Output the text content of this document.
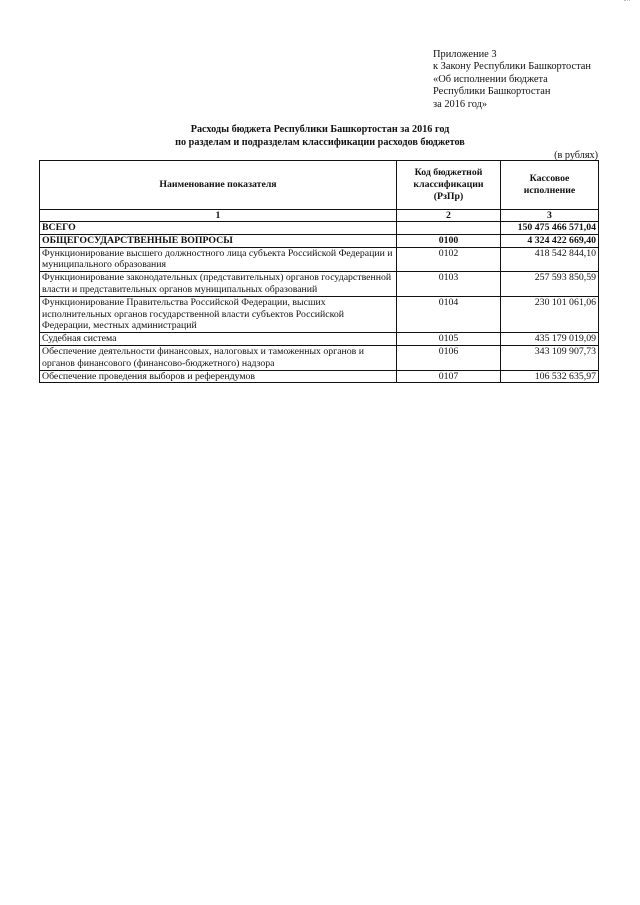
Приложение 3
к Закону Республики Башкортостан
«Об исполнении бюджета
Республики Башкортостан
за 2016 год»
Расходы бюджета Республики Башкортостан за 2016 год
по разделам и подразделам классификации расходов бюджетов
(в рублях)
Наименование показателя	Код бюджетной классификации (РзПр)	Кассовое исполнение
1	2	3
ВСЕГО		150 475 466 571,04
ОБЩЕГОСУДАРСТВЕННЫЕ ВОПРОСЫ	0100	4 324 422 669,40
Функционирование высшего должностного лица субъекта Российской Федерации и муниципального образования	0102	418 542 844,10
Функционирование законодательных (представительных) органов государственной власти и представительных органов муниципальных образований	0103	257 593 850,59
Функционирование Правительства Российской Федерации, высших исполнительных органов государственной власти субъектов Российской Федерации, местных администраций	0104	230 101 061,06
Судебная система	0105	435 179 019,09
Обеспечение деятельности финансовых, налоговых и таможенных органов и органов финансового (финансово-бюджетного) надзора	0106	343 109 907,73
Обеспечение проведения выборов и референдумов	0107	106 532 635,97
